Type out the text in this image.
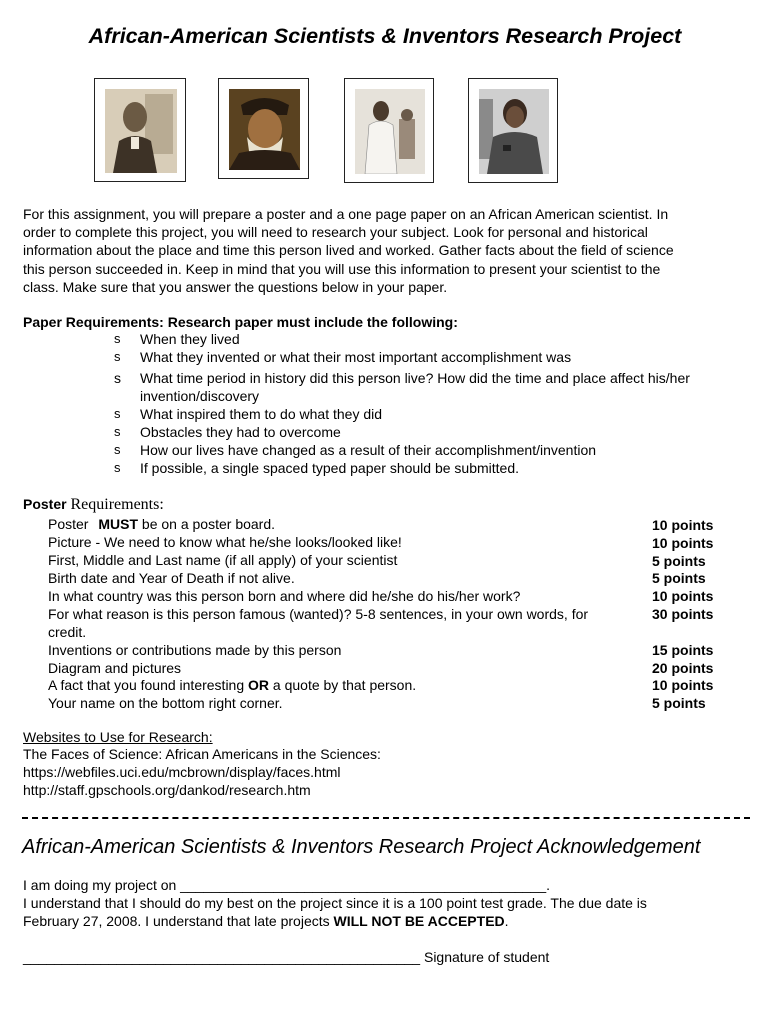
African-American Scientists & Inventors Research Project
For this assignment, you will prepare a poster and a one page paper on an African American scientist. In
order to complete this project, you will need to research your subject. Look for personal and historical
information about the place and time this person lived and worked. Gather facts about the field of science
this person succeeded in. Keep in mind that you will use this information to present your scientist to the
class. Make sure that you answer the questions below in your paper.
Paper Requirements: Research paper must include the following:
s When they lived
s What they invented or what their most important accomplishment was
s What time period in history did this person live? How did the time and place affect his/her
invention/discovery
s What inspired them to do what they did
s Obstacles they had to overcome
s How our lives have changed as a result of their accomplishment/invention
s If possible, a single spaced typed paper should be submitted.
Poster Requirements:
Poster MUST be on a poster board.
Picture - We need to know what he/she looks/looked like!
First, Middle and Last name (if all apply) of your scientist
Birth date and Year of Death if not alive.
In what country was this person born and where did he/she do his/her work?
For what reason is this person famous (wanted)? 5-8 sentences, in your own words, for
credit.
Inventions or contributions made by this person
Diagram and pictures
A fact that you found interesting OR a quote by that person.
Your name on the bottom right corner.
10 points
10 points
5 points
5 points
10 points
30 points
15 points
20 points
10 points
5 points
Websites to Use for Research:
The Faces of Science: African Americans in the Sciences:
https://webfiles.uci.edu/mcbrown/display/faces.html
http://staff.gpschools.org/dankod/research.htm
African-American Scientists & Inventors Research Project Acknowledgement
I am doing my project on _______________________________________________.
I understand that I should do my best on the project since it is a 100 point test grade. The due date is
February 27, 2008. I understand that late projects WILL NOT BE ACCEPTED.
___________________________________________________ Signature of student
